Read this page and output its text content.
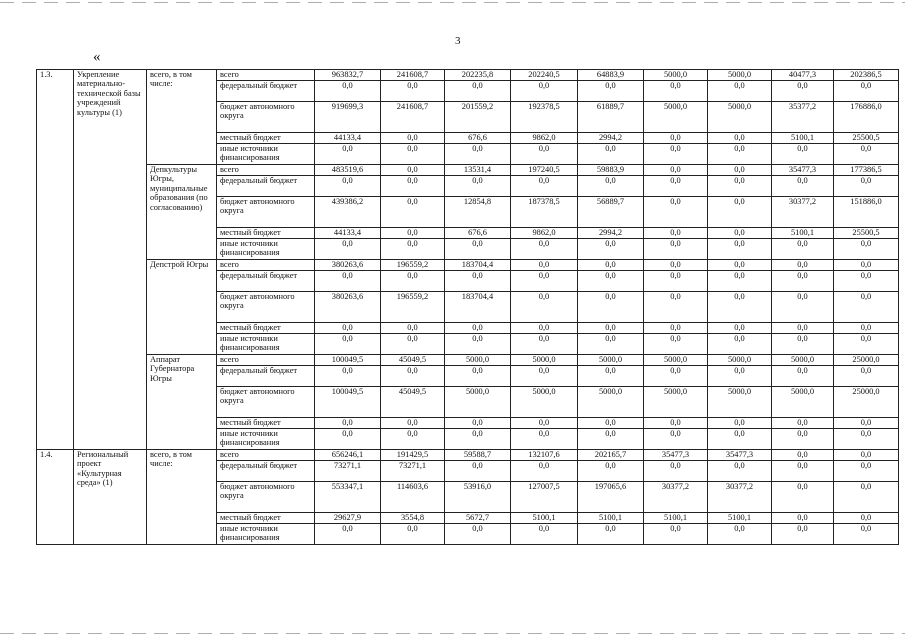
3
«
1.3.	Укрепление материально-технической базы учреждений культуры (1)	всего, в том числе:	всего	963832,7	241608,7	202235,8	202240,5	64883,9	5000,0	5000,0	40477,3	202386,5
			федеральный бюджет	0,0	0,0	0,0	0,0	0,0	0,0	0,0	0,0	0,0
			бюджет автономного округа	919699,3	241608,7	201559,2	192378,5	61889,7	5000,0	5000,0	35377,2	176886,0
			местный бюджет	44133,4	0,0	676,6	9862,0	2994,2	0,0	0,0	5100,1	25500,5
			иные источники финансирования	0,0	0,0	0,0	0,0	0,0	0,0	0,0	0,0	0,0
		Депкультуры Югры, муниципальные образования (по согласованию)	всего	483519,6	0,0	13531,4	197240,5	59883,9	0,0	0,0	35477,3	177386,5
			федеральный бюджет	0,0	0,0	0,0	0,0	0,0	0,0	0,0	0,0	0,0
			бюджет автономного округа	439386,2	0,0	12854,8	187378,5	56889,7	0,0	0,0	30377,2	151886,0
			местный бюджет	44133,4	0,0	676,6	9862,0	2994,2	0,0	0,0	5100,1	25500,5
			иные источники финансирования	0,0	0,0	0,0	0,0	0,0	0,0	0,0	0,0	0,0
		Депстрой Югры	всего	380263,6	196559,2	183704,4	0,0	0,0	0,0	0,0	0,0	0,0
			федеральный бюджет	0,0	0,0	0,0	0,0	0,0	0,0	0,0	0,0	0,0
			бюджет автономного округа	380263,6	196559,2	183704,4	0,0	0,0	0,0	0,0	0,0	0,0
			местный бюджет	0,0	0,0	0,0	0,0	0,0	0,0	0,0	0,0	0,0
			иные источники финансирования	0,0	0,0	0,0	0,0	0,0	0,0	0,0	0,0	0,0
		Аппарат Губернатора Югры	всего	100049,5	45049,5	5000,0	5000,0	5000,0	5000,0	5000,0	5000,0	25000,0
			федеральный бюджет	0,0	0,0	0,0	0,0	0,0	0,0	0,0	0,0	0,0
			бюджет автономного округа	100049,5	45049,5	5000,0	5000,0	5000,0	5000,0	5000,0	5000,0	25000,0
			местный бюджет	0,0	0,0	0,0	0,0	0,0	0,0	0,0	0,0	0,0
			иные источники финансирования	0,0	0,0	0,0	0,0	0,0	0,0	0,0	0,0	0,0
1.4.	Региональный проект «Культурная среда» (1)	всего, в том числе:	всего	656246,1	191429,5	59588,7	132107,6	202165,7	35477,3	35477,3	0,0	0,0
			федеральный бюджет	73271,1	73271,1	0,0	0,0	0,0	0,0	0,0	0,0	0,0
			бюджет автономного округа	553347,1	114603,6	53916,0	127007,5	197065,6	30377,2	30377,2	0,0	0,0
			местный бюджет	29627,9	3554,8	5672,7	5100,1	5100,1	5100,1	5100,1	0,0	0,0
			иные источники финансирования	0,0	0,0	0,0	0,0	0,0	0,0	0,0	0,0	0,0
